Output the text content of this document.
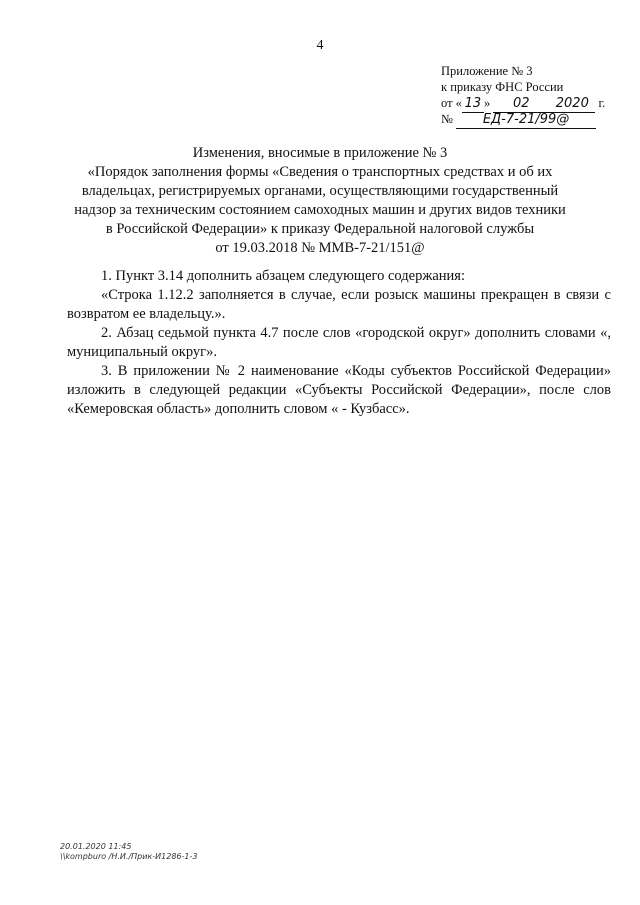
4
Приложение № 3
к приказу ФНС России
от « 13 » 02 2020 г.
№ ЕД-7-21/99@
Изменения, вносимые в приложение № 3
«Порядок заполнения формы «Сведения о транспортных средствах и об их владельцах, регистрируемых органами, осуществляющими государственный надзор за техническим состоянием самоходных машин и других видов техники в Российской Федерации» к приказу Федеральной налоговой службы
от 19.03.2018 № ММВ-7-21/151@

1. Пункт 3.14 дополнить абзацем следующего содержания:

«Строка 1.12.2 заполняется в случае, если розыск машины прекращен в связи с возвратом ее владельцу.».

2. Абзац седьмой пункта 4.7 после слов «городской округ» дополнить словами «, муниципальный округ».

3. В приложении № 2 наименование «Коды субъектов Российской Федерации» изложить в следующей редакции «Субъекты Российской Федерации», после слов «Кемеровская область» дополнить словом « - Кузбасс».

20.01.2020 11:45
\\kompburo /Н.И./Прик-И1286-1-3
